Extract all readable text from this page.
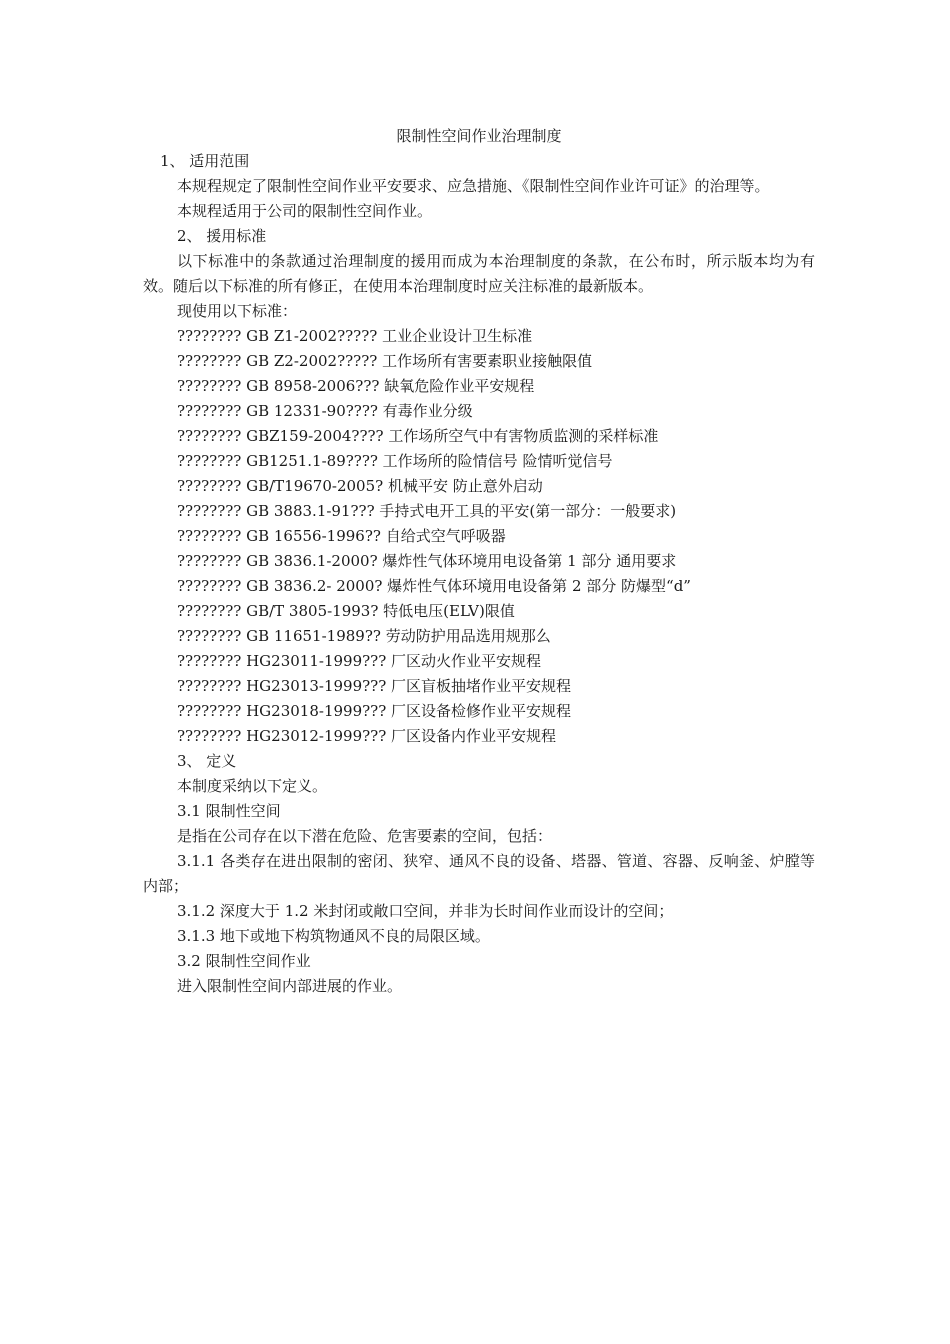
限制性空间作业治理制度

1、 适用范围

本规程规定了限制性空间作业平安要求、应急措施、《限制性空间作业许可证》的治理等。

本规程适用于公司的限制性空间作业。

2、 援用标准

以下标准中的条款通过治理制度的援用而成为本治理制度的条款，在公布时，所示版本均为有效。随后以下标准的所有修正，在使用本治理制度时应关注标准的最新版本。

现使用以下标准：

???????? GB Z1-2002????? 工业企业设计卫生标准

???????? GB Z2-2002????? 工作场所有害要素职业接触限值

???????? GB 8958-2006??? 缺氧危险作业平安规程

???????? GB 12331-90???? 有毒作业分级

???????? GBZ159-2004???? 工作场所空气中有害物质监测的采样标准

???????? GB1251.1-89???? 工作场所的险情信号 险情听觉信号

???????? GB/T19670-2005? 机械平安 防止意外启动

???????? GB 3883.1-91??? 手持式电开工具的平安(第一部分：一般要求)

???????? GB 16556-1996?? 自给式空气呼吸器

???????? GB 3836.1-2000? 爆炸性气体环境用电设备第 1 部分 通用要求

???????? GB 3836.2- 2000? 爆炸性气体环境用电设备第 2 部分 防爆型“d”

???????? GB/T 3805-1993? 特低电压(ELV)限值

???????? GB 11651-1989?? 劳动防护用品选用规那么

???????? HG23011-1999??? 厂区动火作业平安规程

???????? HG23013-1999??? 厂区盲板抽堵作业平安规程

???????? HG23018-1999??? 厂区设备检修作业平安规程

???????? HG23012-1999??? 厂区设备内作业平安规程

3、 定义

本制度采纳以下定义。

3.1 限制性空间

是指在公司存在以下潜在危险、危害要素的空间，包括：

3.1.1 各类存在进出限制的密闭、狭窄、通风不良的设备、塔器、管道、容器、反响釜、炉膛等内部；

3.1.2 深度大于 1.2 米封闭或敞口空间，并非为长时间作业而设计的空间；

3.1.3 地下或地下构筑物通风不良的局限区域。

3.2 限制性空间作业

进入限制性空间内部进展的作业。
